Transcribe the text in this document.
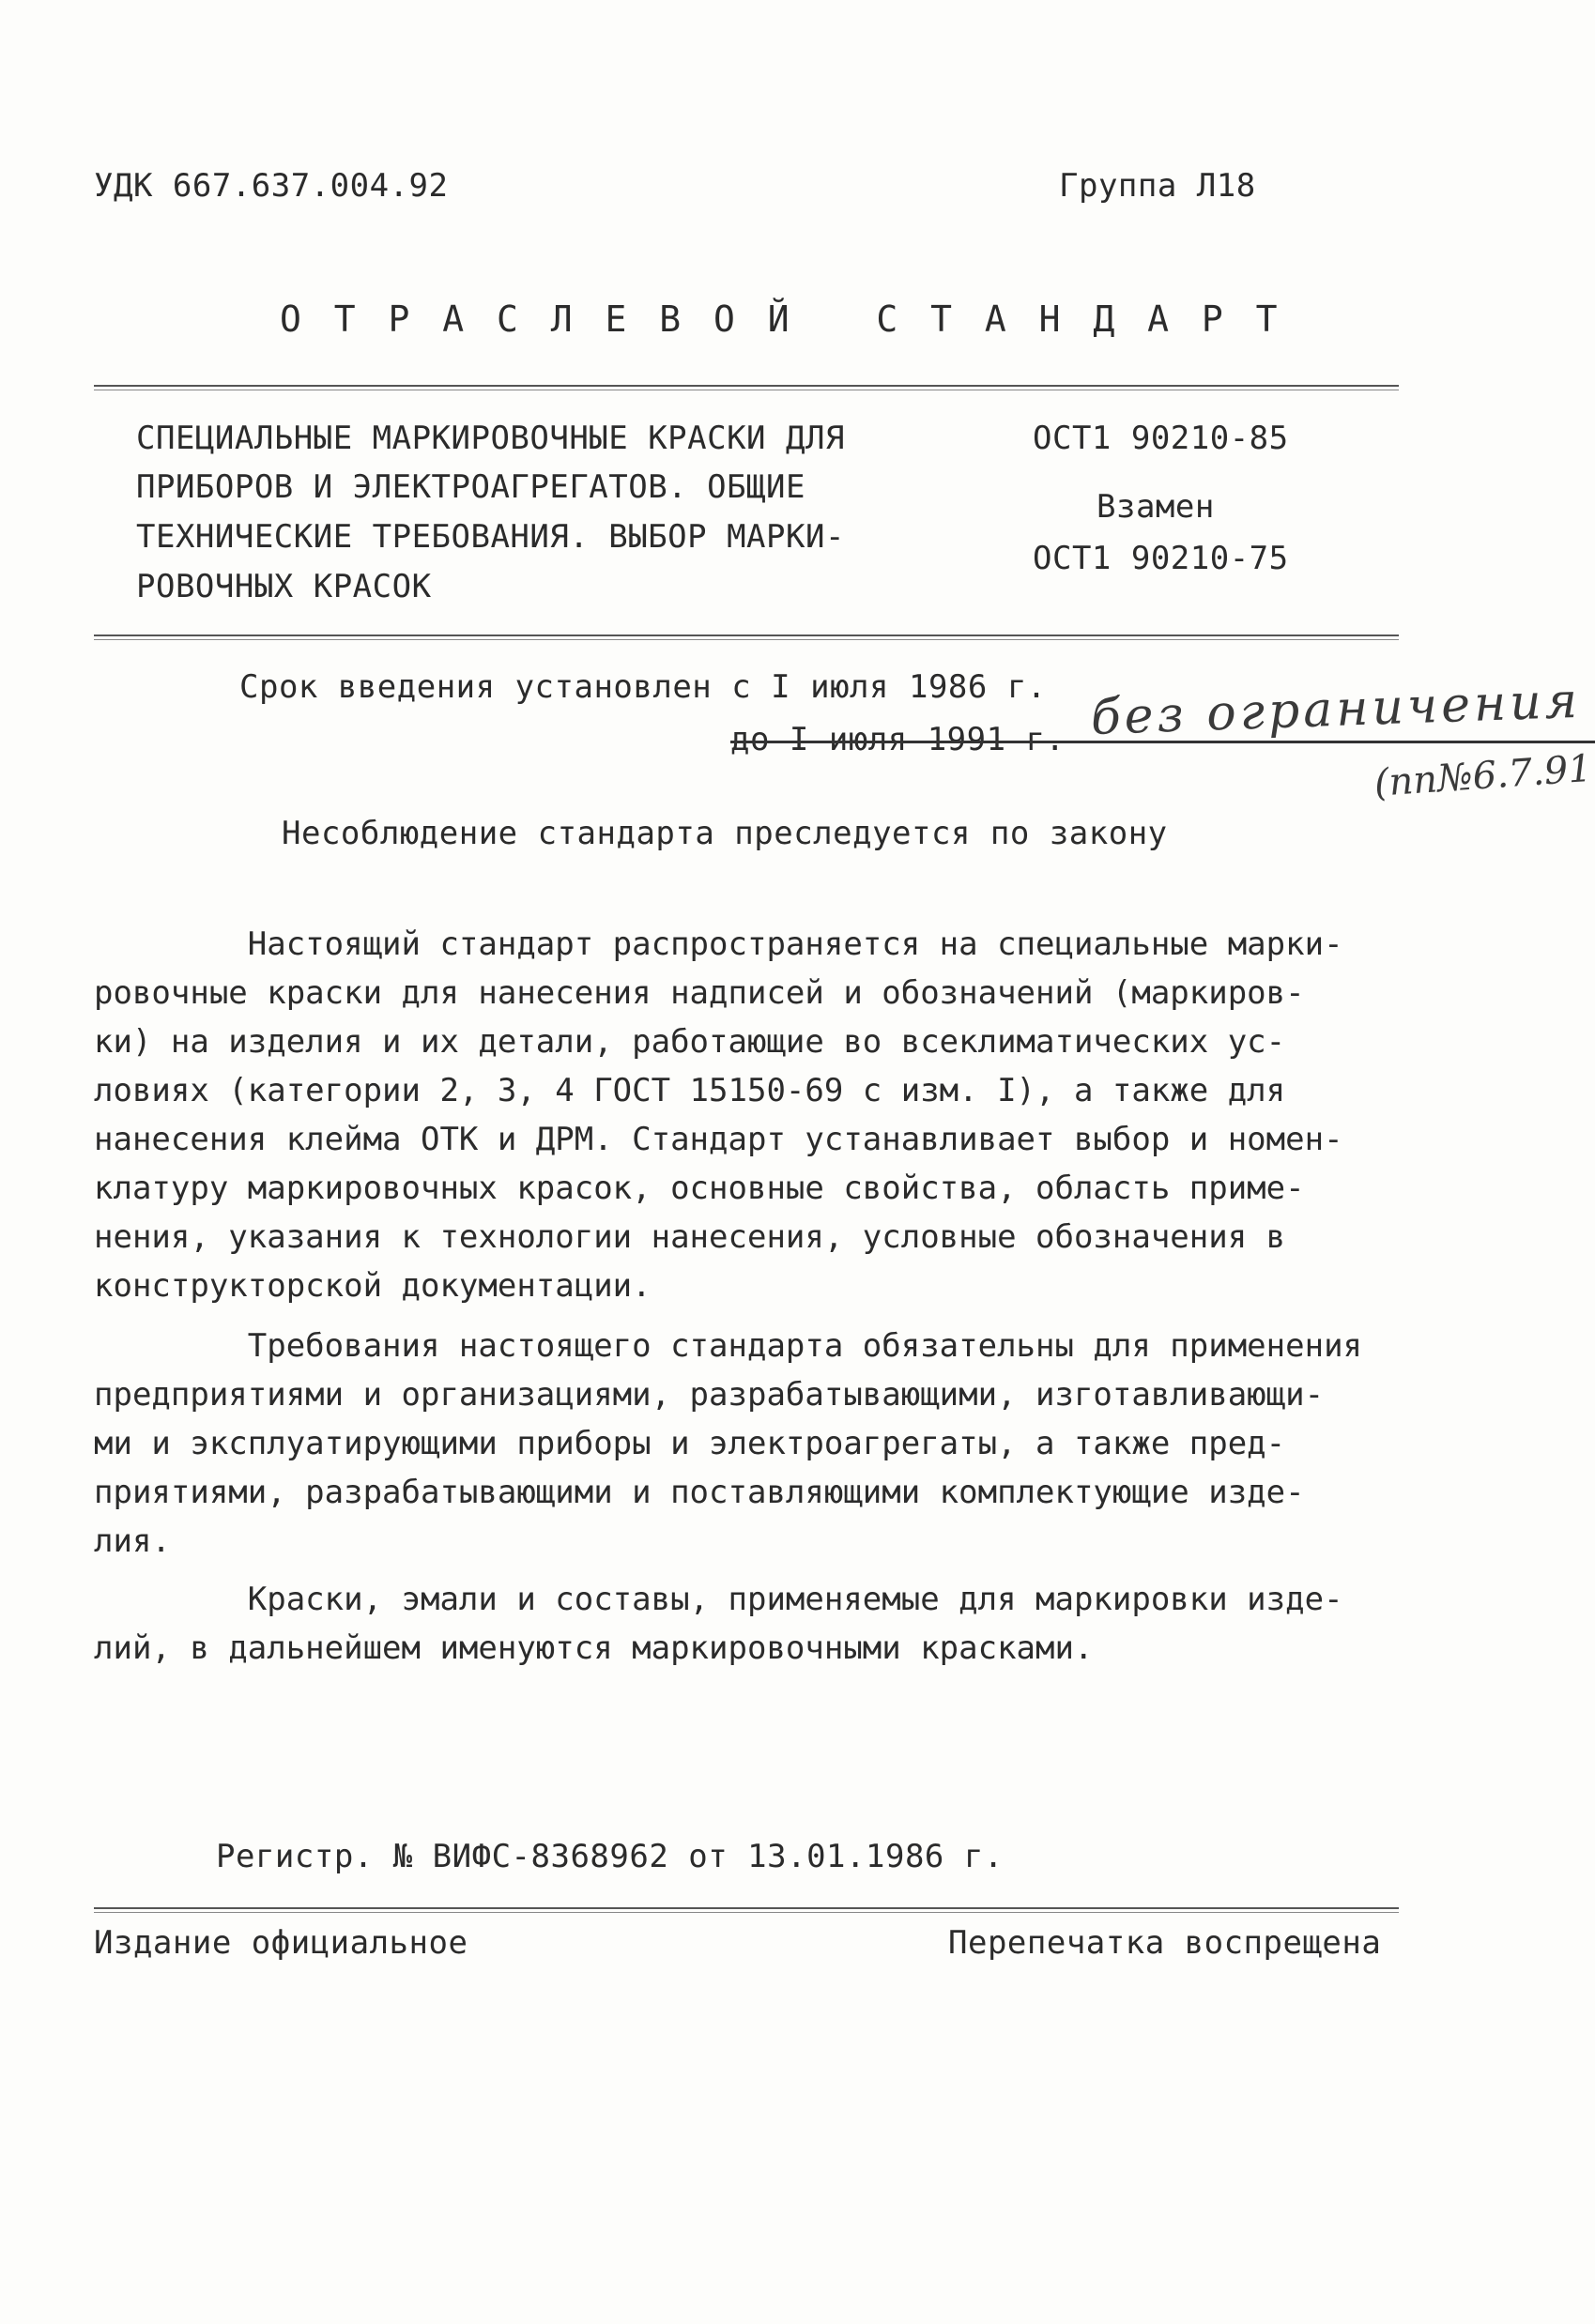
УДК 667.637.004.92	Группа Л18
О Т Р А С Л Е В О Й   С Т А Н Д А Р Т
СПЕЦИАЛЬНЫЕ МАРКИРОВОЧНЫЕ КРАСКИ ДЛЯ
ПРИБОРОВ И ЭЛЕКТРОАГРЕГАТОВ. ОБЩИЕ
ТЕХНИЧЕСКИЕ ТРЕБОВАНИЯ. ВЫБОР МАРКИ-
РОВОЧНЫХ КРАСОК
ОСТ1 90210-85
Взамен
ОСТ1 90210-75
Срок введения установлен с I июля 1986 г.
до I июля 1991 г. без ограничения
(пп№6.7.91
Несоблюдение стандарта преследуется по закону
Настоящий стандарт распространяется на специальные марки-
ровочные краски для нанесения надписей и обозначений (маркиров-
ки) на изделия и их детали, работающие во всеклиматических ус-
ловиях (категории 2, 3, 4 ГОСТ 15150-69 с изм. I), а также для
нанесения клейма ОТК и ДРМ. Стандарт устанавливает выбор и номен-
клатуру маркировочных красок, основные свойства, область приме-
нения, указания к технологии нанесения, условные обозначения в
конструкторской документации.
Требования настоящего стандарта обязательны для применения
предприятиями и организациями, разрабатывающими, изготавливающи-
ми и эксплуатирующими приборы и электроагрегаты, а также пред-
приятиями, разрабатывающими и поставляющими комплектующие изде-
лия.
Краски, эмали и составы, применяемые для маркировки изде-
лий, в дальнейшем именуются маркировочными красками.
Регистр. № ВИФС-8368962 от 13.01.1986 г.
Издание официальное	Перепечатка воспрещена
